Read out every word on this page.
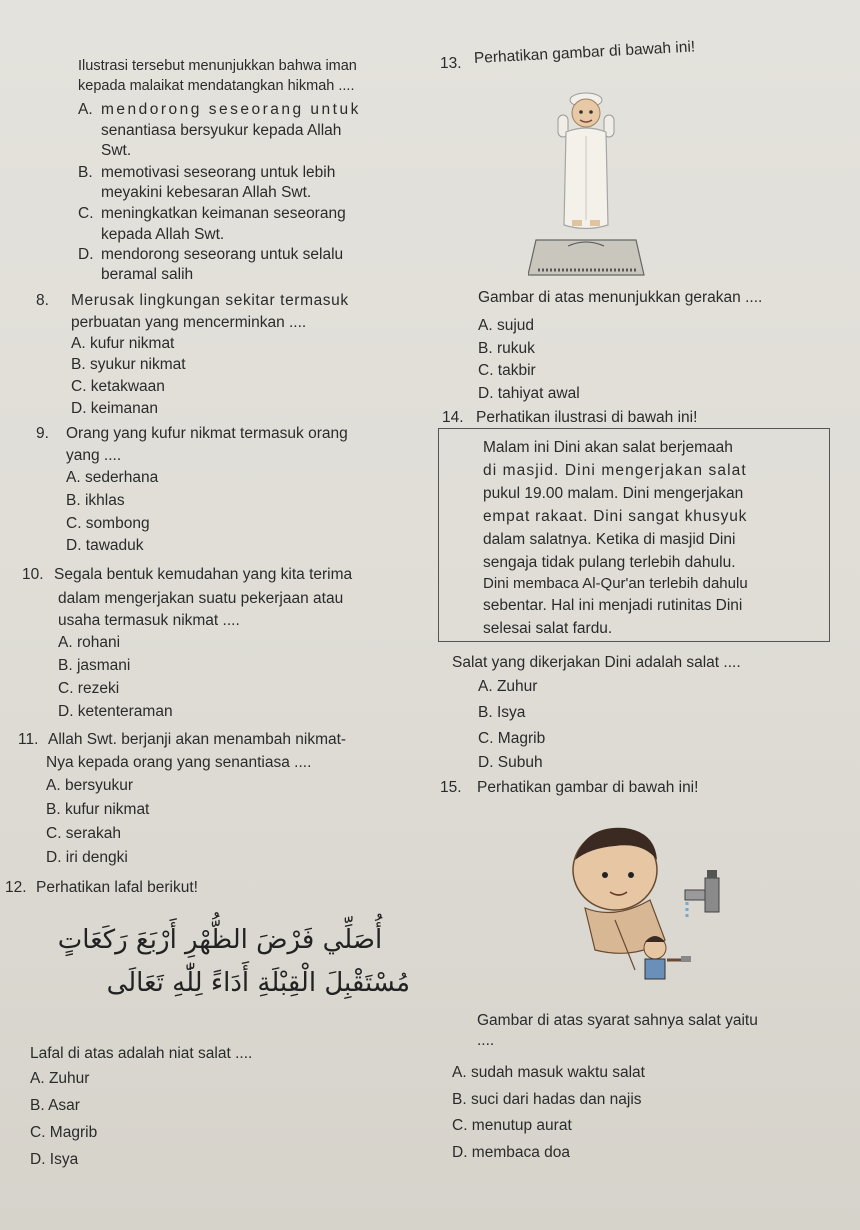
Ilustrasi tersebut menunjukkan bahwa iman
kepada malaikat mendatangkan hikmah ....
A. mendorong seseorang untuk
senantiasa bersyukur kepada Allah
Swt.
B. memotivasi seseorang untuk lebih
meyakini kebesaran Allah Swt.
C. meningkatkan keimanan seseorang
kepada Allah Swt.
D. mendorong seseorang untuk selalu
beramal salih
8. Merusak lingkungan sekitar termasuk
perbuatan yang mencerminkan ....
A. kufur nikmat
B. syukur nikmat
C. ketakwaan
D. keimanan
9. Orang yang kufur nikmat termasuk orang
yang ....
A. sederhana
B. ikhlas
C. sombong
D. tawaduk
10. Segala bentuk kemudahan yang kita terima
dalam mengerjakan suatu pekerjaan atau
usaha termasuk nikmat ....
A. rohani
B. jasmani
C. rezeki
D. ketenteraman
11. Allah Swt. berjanji akan menambah nikmat-
Nya kepada orang yang senantiasa ....
A. bersyukur
B. kufur nikmat
C. serakah
D. iri dengki
12. Perhatikan lafal berikut!
أُصَلِّي فَرْضَ الظُّهْرِ أَرْبَعَ رَكَعَاتٍ
مُسْتَقْبِلَ الْقِبْلَةِ أَدَاءً لِلّٰهِ تَعَالَى
Lafal di atas adalah niat salat ....
A. Zuhur
B. Asar
C. Magrib
D. Isya
13. Perhatikan gambar di bawah ini!
Gambar di atas menunjukkan gerakan ....
A. sujud
B. rukuk
C. takbir
D. tahiyat awal
14. Perhatikan ilustrasi di bawah ini!
Malam ini Dini akan salat berjemaah
di masjid. Dini mengerjakan salat
pukul 19.00 malam. Dini mengerjakan
empat rakaat. Dini sangat khusyuk
dalam salatnya. Ketika di masjid Dini
sengaja tidak pulang terlebih dahulu.
Dini membaca Al-Qur'an terlebih dahulu
sebentar. Hal ini menjadi rutinitas Dini
selesai salat fardu.
Salat yang dikerjakan Dini adalah salat ....
A. Zuhur
B. Isya
C. Magrib
D. Subuh
15. Perhatikan gambar di bawah ini!
Gambar di atas syarat sahnya salat yaitu
....
A. sudah masuk waktu salat
B. suci dari hadas dan najis
C. menutup aurat
D. membaca doa
